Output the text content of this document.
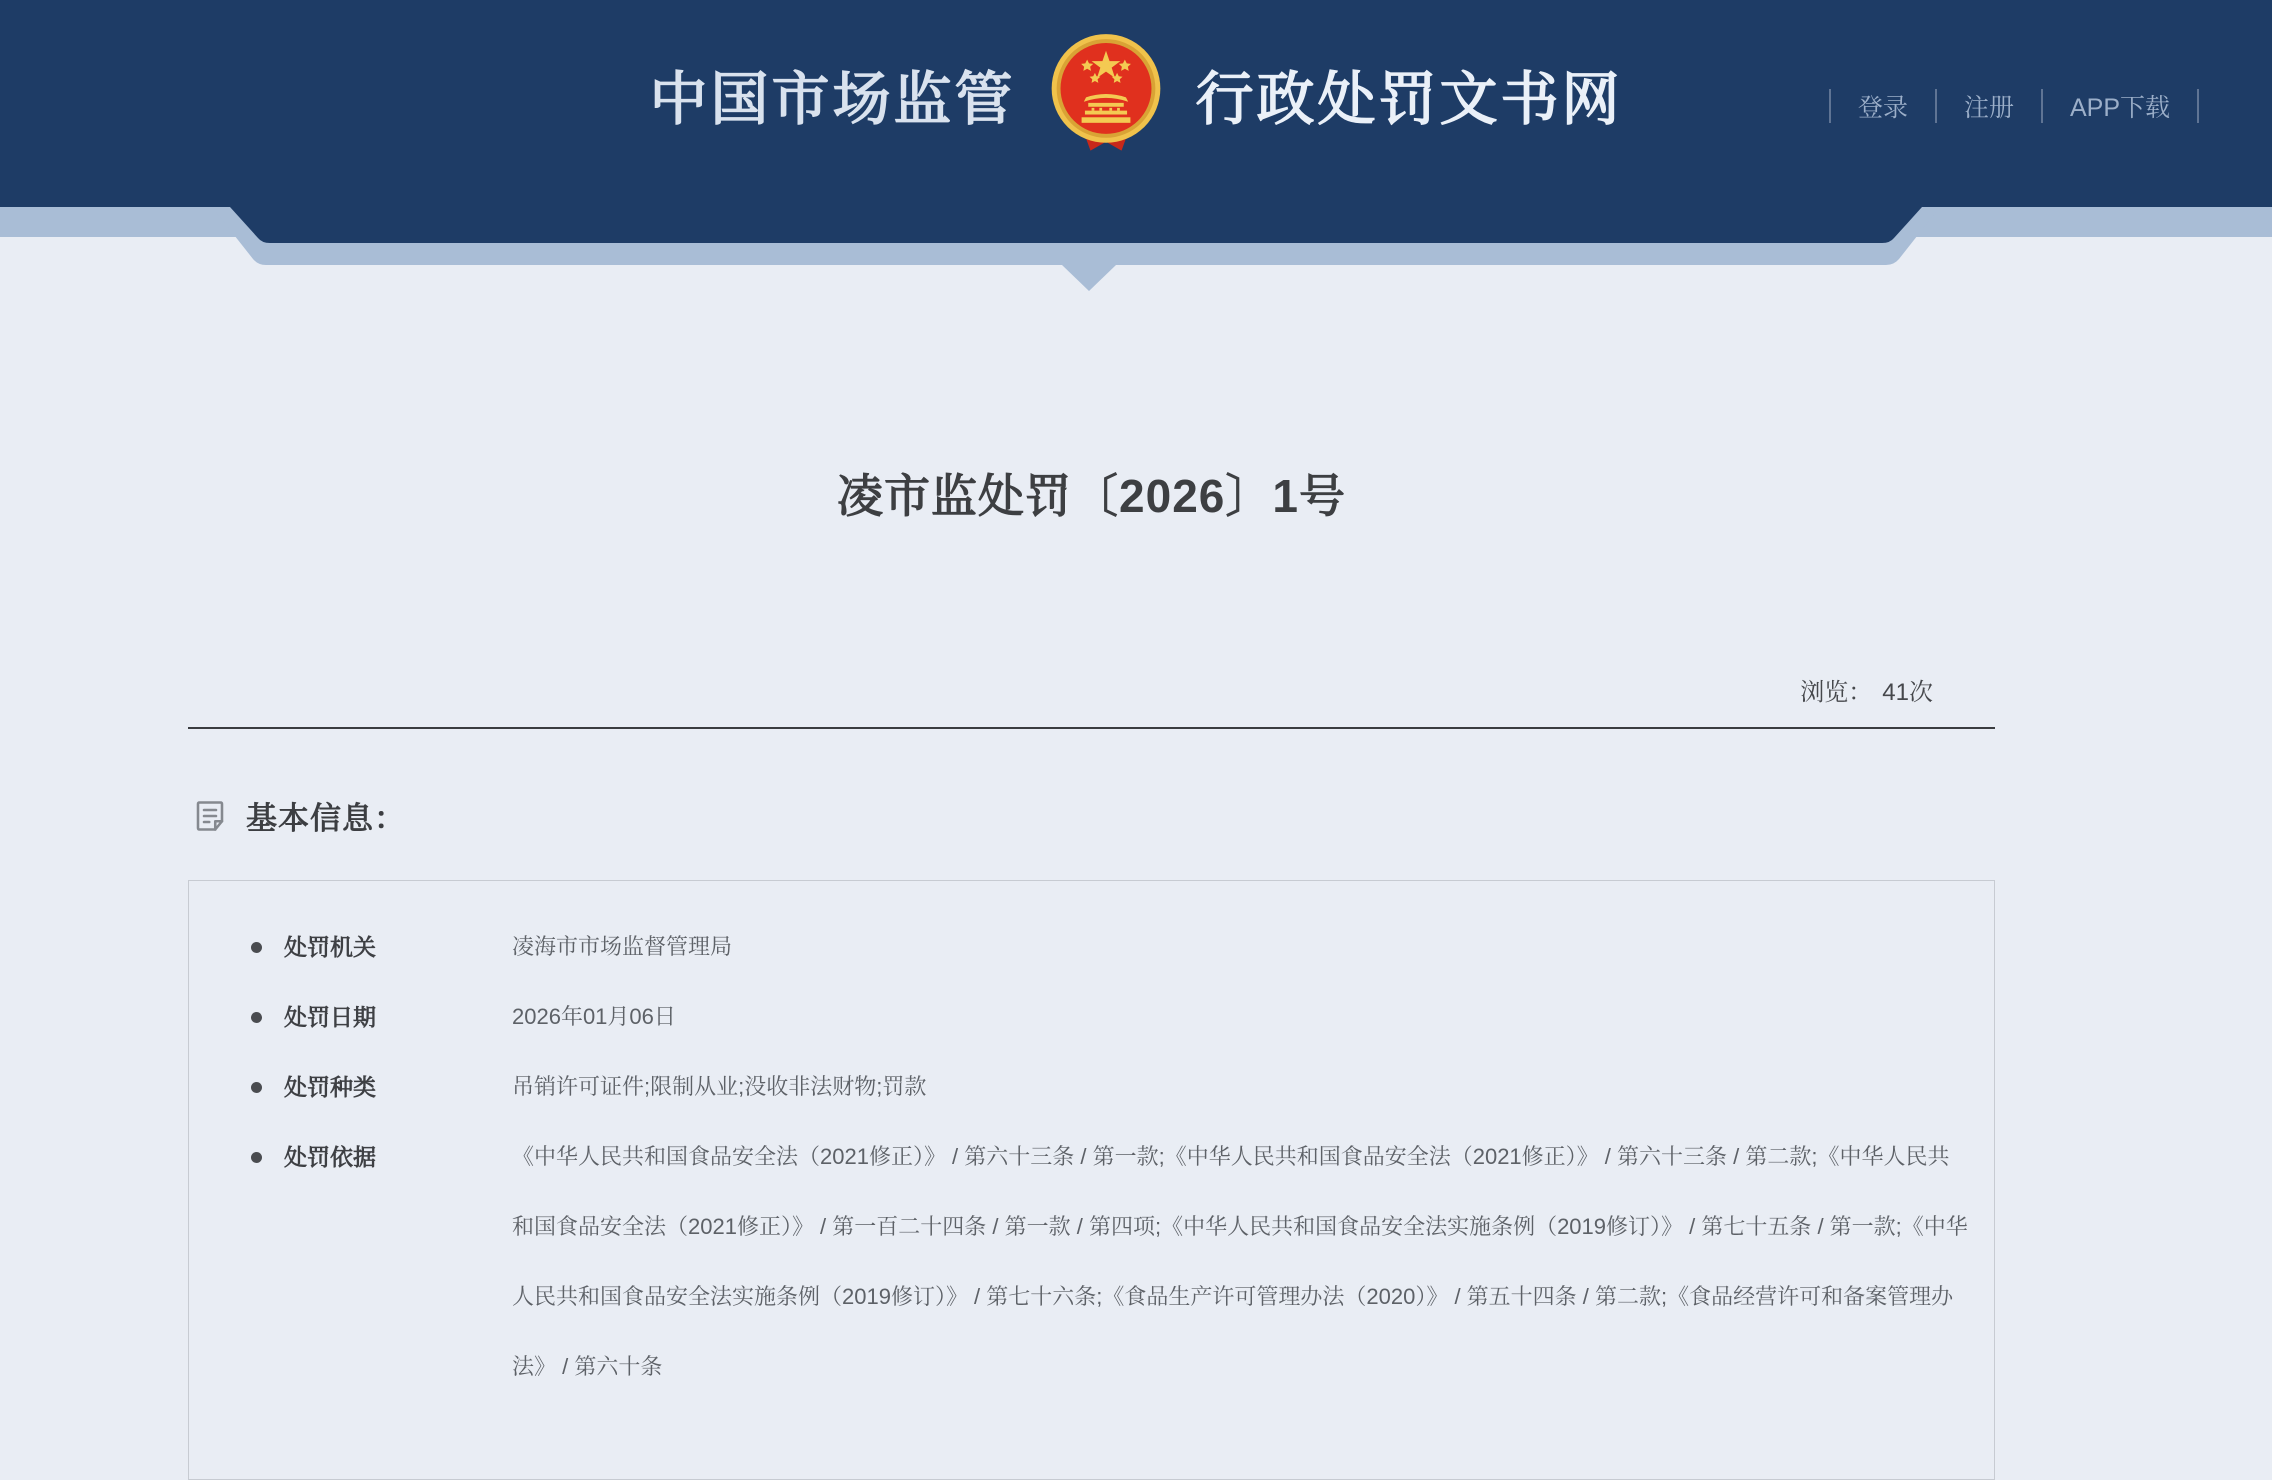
中国市场监管	行政处罚文书网	登录 注册 APP下载
凌市监处罚〔2026〕1号
浏览： 41次
基本信息：
处罚机关	凌海市市场监督管理局
处罚日期	2026年01月06日
处罚种类	吊销许可证件;限制从业;没收非法财物;罚款
处罚依据	《中华人民共和国食品安全法（2021修正）》 / 第六十三条 / 第一款;《中华人民共和国食品安全法（2021修正）》 / 第六十三条 / 第二款;《中华人民共和国食品安全法（2021修正）》 / 第一百二十四条 / 第一款 / 第四项;《中华人民共和国食品安全法实施条例（2019修订）》 / 第七十五条 / 第一款;《中华人民共和国食品安全法实施条例（2019修订）》 / 第七十六条;《食品生产许可管理办法（2020）》 / 第五十四条 / 第二款;《食品经营许可和备案管理办法》 / 第六十条
